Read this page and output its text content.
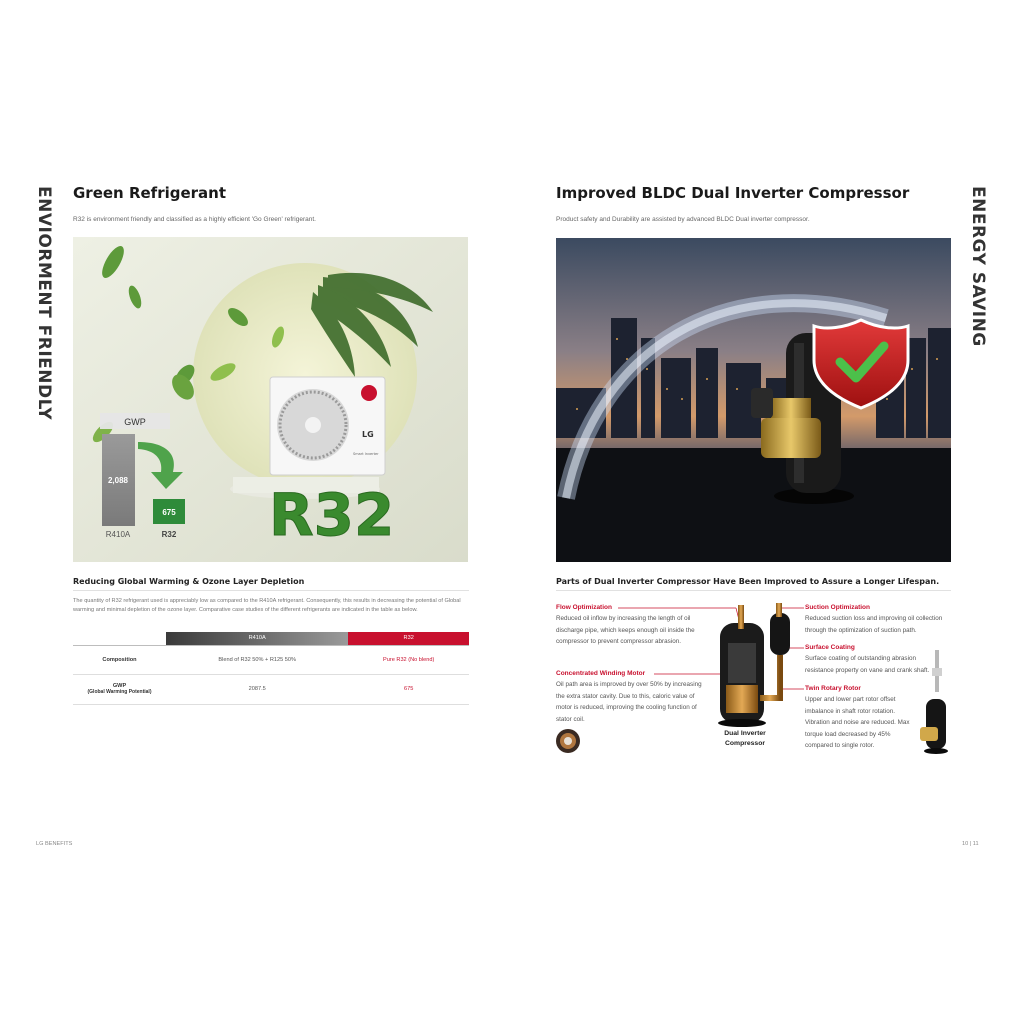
ENVIORMENT FRIENDLY	ENERGY SAVING
Green Refrigerant
R32 is environment friendly and classified as a highly efficient 'Go Green' refrigerant.
LG
Smart Inverter
R32
GWP
2,088
R410A
675
R32
Reducing Global Warming & Ozone Layer Depletion
The quantity of R32 refrigerant used is appreciably low as compared to the R410A refrigerant. Consequently, this results in decreasing the potential of Global warming and minimal depletion of the ozone layer. Comparative case studies of the different refrigerants are indicated in the table as below.
	R410A	R32
Composition	Blend of R32 50% + R125 50%	Pure R32 (No blend)
GWP
(Global Warming Potential)	2087.5	675
Improved BLDC Dual Inverter Compressor
Product safety and Durability are assisted by advanced BLDC Dual inverter compressor.
Parts of Dual Inverter Compressor Have Been Improved to Assure a Longer Lifespan.
Flow Optimization
Reduced oil inflow by increasing the length of oil discharge pipe, which keeps enough oil inside the compressor to prevent compressor abrasion.
Concentrated Winding Motor
Oil path area is improved by over 50% by increasing the extra stator cavity. Due to this, caloric value of motor is reduced, improving the cooling function of stator coil.
Suction Optimization
Reduced suction loss and improving oil collection through the optimization of suction path.
Surface Coating
Surface coating of outstanding abrasion resistance property on vane and crank shaft.
Twin Rotary Rotor
Upper and lower part rotor offset imbalance in shaft rotor rotation. Vibration and noise are reduced. Max torque load decreased by 45% compared to single rotor.
Dual Inverter
Compressor
LG BENEFITS	10 | 11
